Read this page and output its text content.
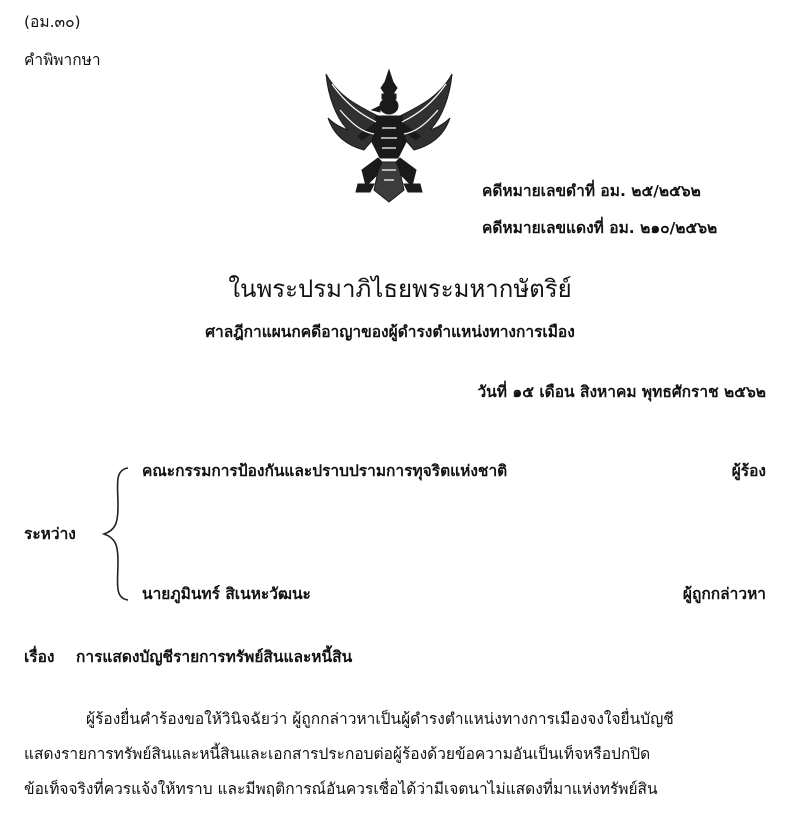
(อม.๓๐)
คำพิพากษา
คดีหมายเลขดำที่ อม. ๒๕/๒๕๖๒
คดีหมายเลขแดงที่ อม. ๒๑๐/๒๕๖๒
ในพระปรมาภิไธยพระมหากษัตริย์
ศาลฎีกาแผนกคดีอาญาของผู้ดำรงตำแหน่งทางการเมือง
วันที่ ๑๕ เดือน สิงหาคม พุทธศักราช ๒๕๖๒
คณะกรรมการป้องกันและปราบปรามการทุจริตแห่งชาติ	ผู้ร้อง
ระหว่าง
นายภูมินทร์ สิเนหะวัฒนะ	ผู้ถูกกล่าวหา
เรื่อง การแสดงบัญชีรายการทรัพย์สินและหนี้สิน
ผู้ร้องยื่นคำร้องขอให้วินิจฉัยว่า ผู้ถูกกล่าวหาเป็นผู้ดำรงตำแหน่งทางการเมืองจงใจยื่นบัญชี
แสดงรายการทรัพย์สินและหนี้สินและเอกสารประกอบต่อผู้ร้องด้วยข้อความอันเป็นเท็จหรือปกปิด
ข้อเท็จจริงที่ควรแจ้งให้ทราบ และมีพฤติการณ์อันควรเชื่อได้ว่ามีเจตนาไม่แสดงที่มาแห่งทรัพย์สิน
